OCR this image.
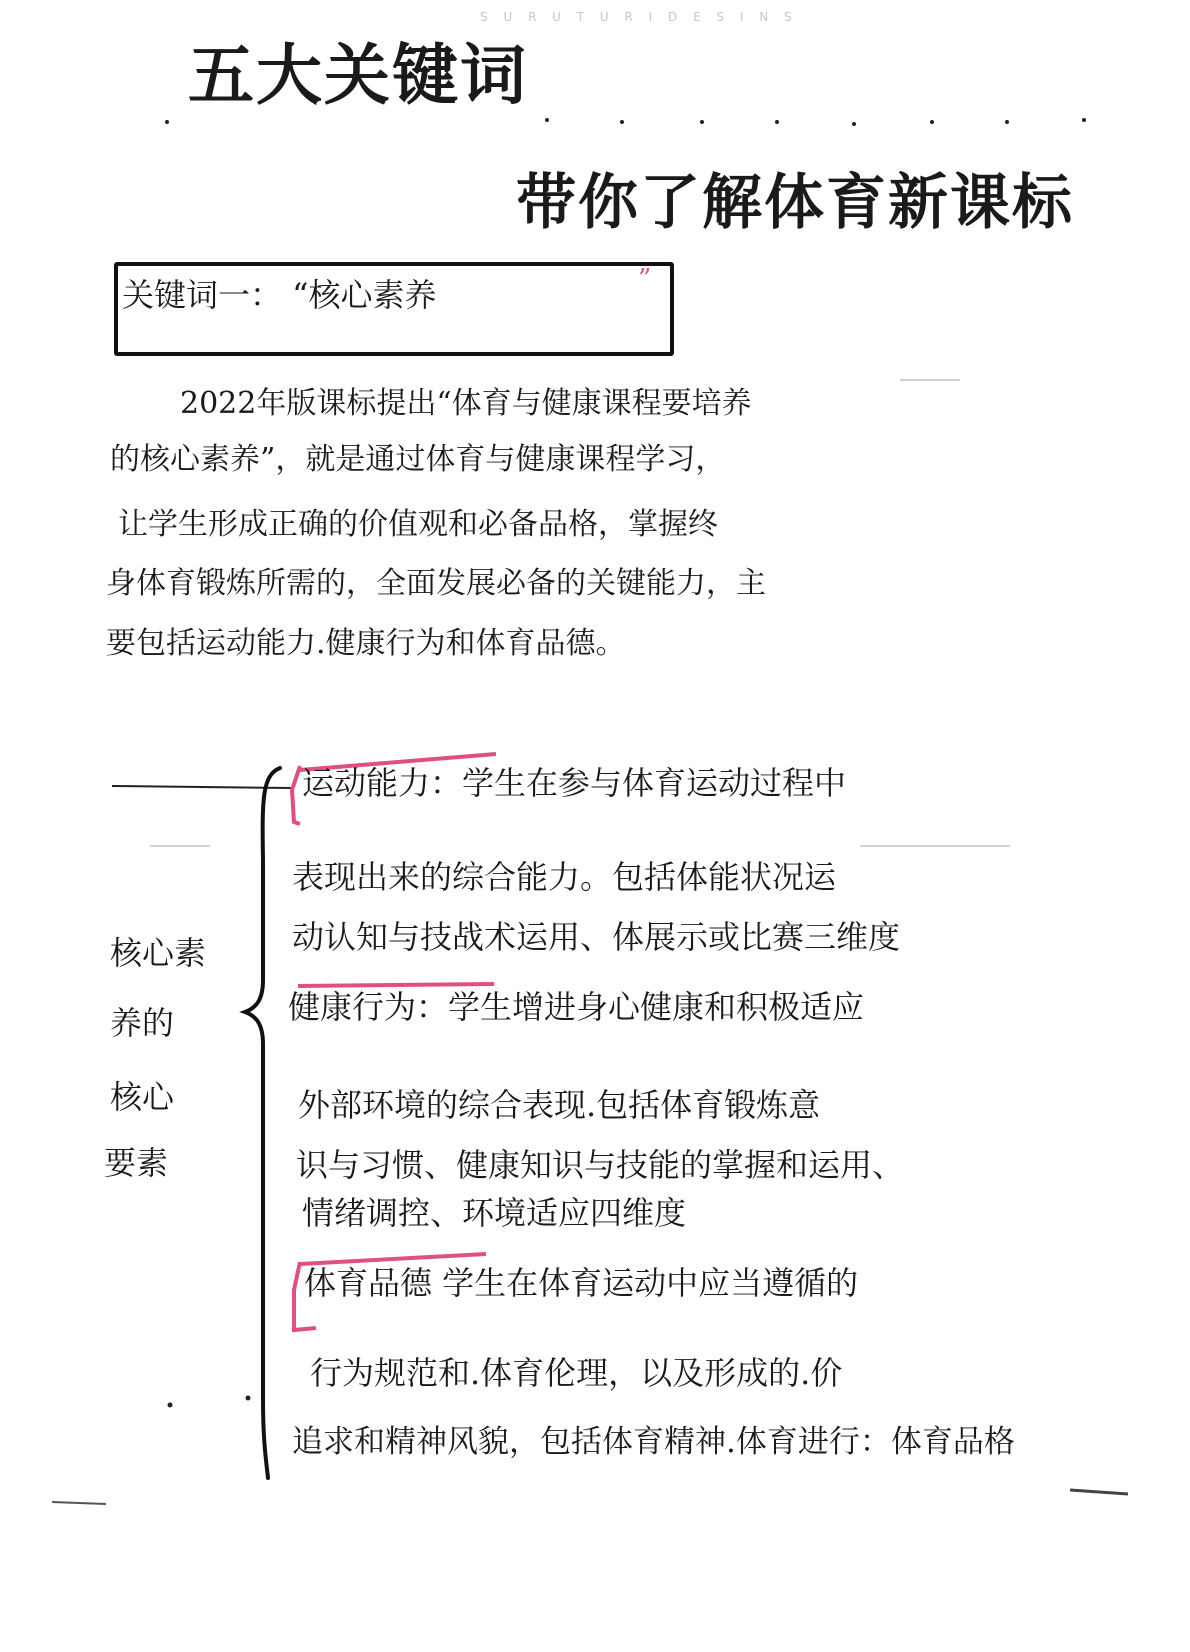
S U R U T U R I D E S I N S
五大关键词
带你了解体育新课标
关键词一： “核心素养	”
2022年版课标提出“体育与健康课程要培养
的核心素养”，就是通过体育与健康课程学习，
让学生形成正确的价值观和必备品格，掌握终
身体育锻炼所需的，全面发展必备的关键能力，主
要包括运动能力.健康行为和体育品德。
核心素
养的
核心
要素
运动能力：学生在参与体育运动过程中
表现出来的综合能力。包括体能状况运
动认知与技战术运用、体展示或比赛三维度
健康行为：学生增进身心健康和积极适应
外部环境的综合表现.包括体育锻炼意
识与习惯、健康知识与技能的掌握和运用、
情绪调控、环境适应四维度
体育品德 学生在体育运动中应当遵循的
行为规范和.体育伦理，以及形成的.价
追求和精神风貌，包括体育精神.体育进行：体育品格
